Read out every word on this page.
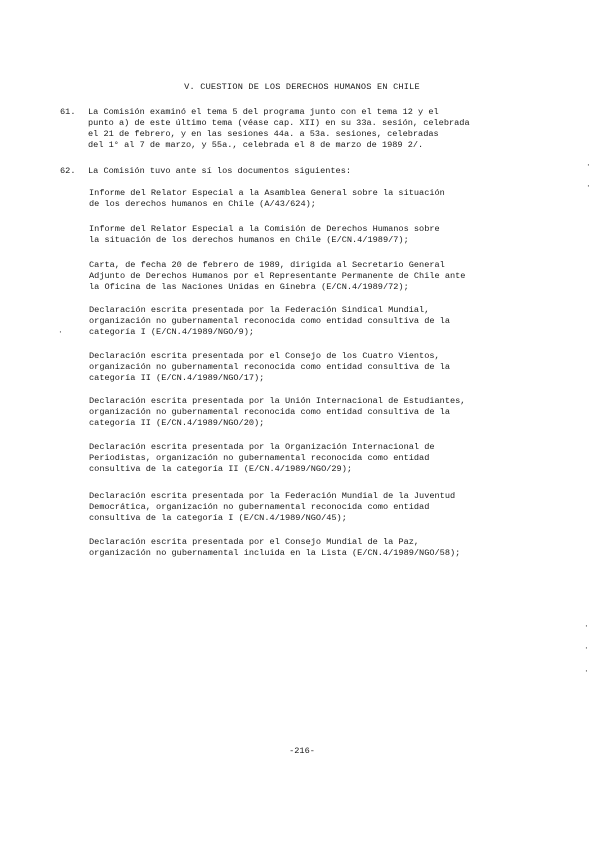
V. CUESTION DE LOS DERECHOS HUMANOS EN CHILE
61.	La Comisión examinó el tema 5 del programa junto con el tema 12 y el
punto a) de este último tema (véase cap. XII) en su 33a. sesión, celebrada
el 21 de febrero, y en las sesiones 44a. a 53a. sesiones, celebradas
del 1° al 7 de marzo, y 55a., celebrada el 8 de marzo de 1989 2/.
62.	La Comisión tuvo ante sí los documentos siguientes:
Informe del Relator Especial a la Asamblea General sobre la situación
de los derechos humanos en Chile (A/43/624);
Informe del Relator Especial a la Comisión de Derechos Humanos sobre
la situación de los derechos humanos en Chile (E/CN.4/1989/7);
Carta, de fecha 20 de febrero de 1989, dirigida al Secretario General
Adjunto de Derechos Humanos por el Representante Permanente de Chile ante
la Oficina de las Naciones Unidas en Ginebra (E/CN.4/1989/72);
Declaración escrita presentada por la Federación Sindical Mundial,
organización no gubernamental reconocida como entidad consultiva de la
categoría I (E/CN.4/1989/NGO/9);
Declaración escrita presentada por el Consejo de los Cuatro Vientos,
organización no gubernamental reconocida como entidad consultiva de la
categoría II (E/CN.4/1989/NGO/17);
Declaración escrita presentada por la Unión Internacional de Estudiantes,
organización no gubernamental reconocida como entidad consultiva de la
categoría II (E/CN.4/1989/NGO/20);
Declaración escrita presentada por la Organización Internacional de
Periodistas, organización no gubernamental reconocida como entidad
consultiva de la categoría II (E/CN.4/1989/NGO/29);
Declaración escrita presentada por la Federación Mundial de la Juventud
Democrática, organización no gubernamental reconocida como entidad
consultiva de la categoría I (E/CN.4/1989/NGO/45);
Declaración escrita presentada por el Consejo Mundial de la Paz,
organización no gubernamental incluida en la Lista (E/CN.4/1989/NGO/58);
-216-
·
·
·
·
·
·
